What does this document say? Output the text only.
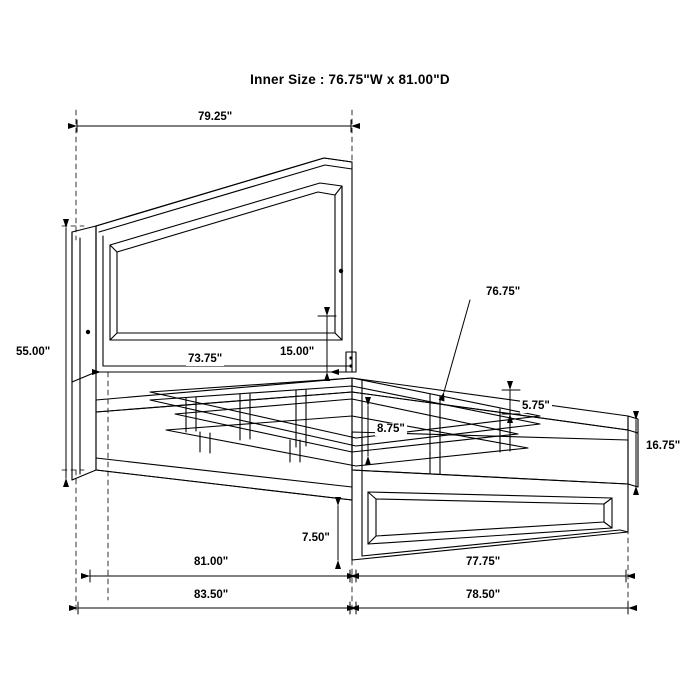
Inner Size : 76.75"W x 81.00"D
79.25"
55.00"
73.75"
15.00"
76.75"
5.75"
8.75"
16.75"
7.50"
81.00"	77.75"
83.50"	78.50"
